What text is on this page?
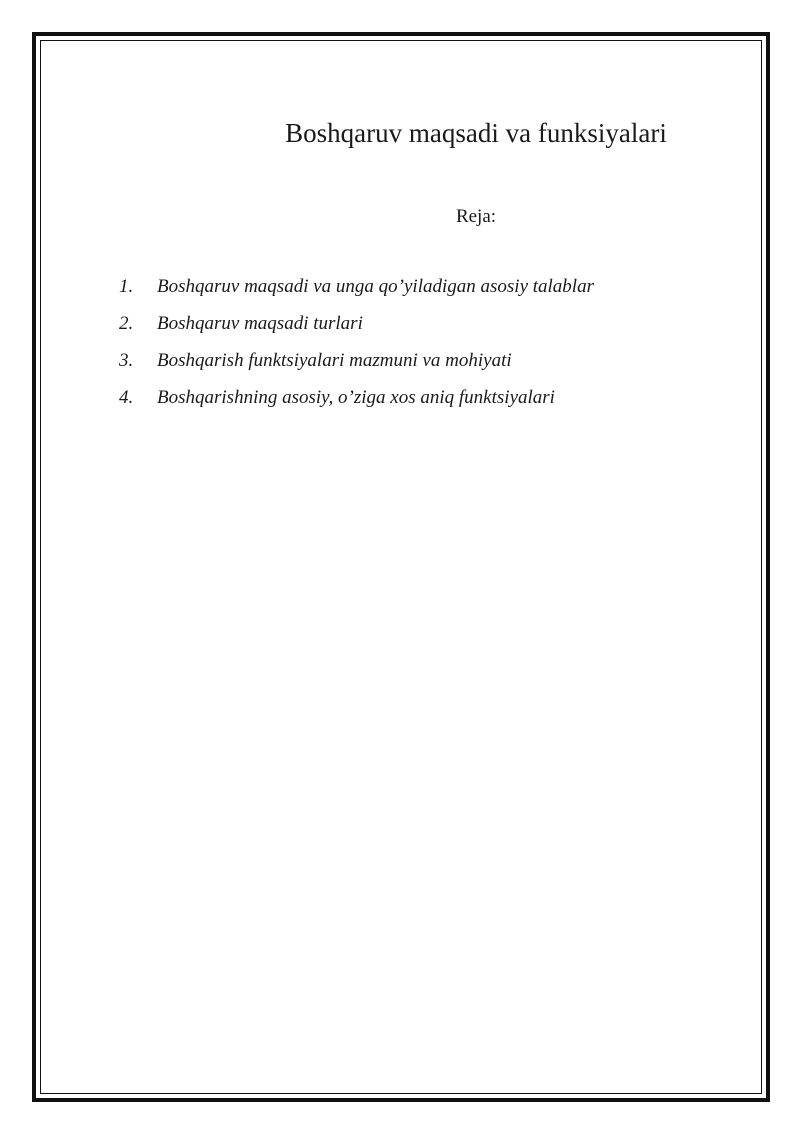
Boshqaruv maqsadi va funksiyalari

Reja:

1.	Boshqaruv maqsadi va unga qo’yiladigan asosiy talablar
2.	Boshqaruv maqsadi turlari
3.	Boshqarish funktsiyalari mazmuni va mohiyati
4.	Boshqarishning asosiy, o’ziga xos aniq funktsiyalari
